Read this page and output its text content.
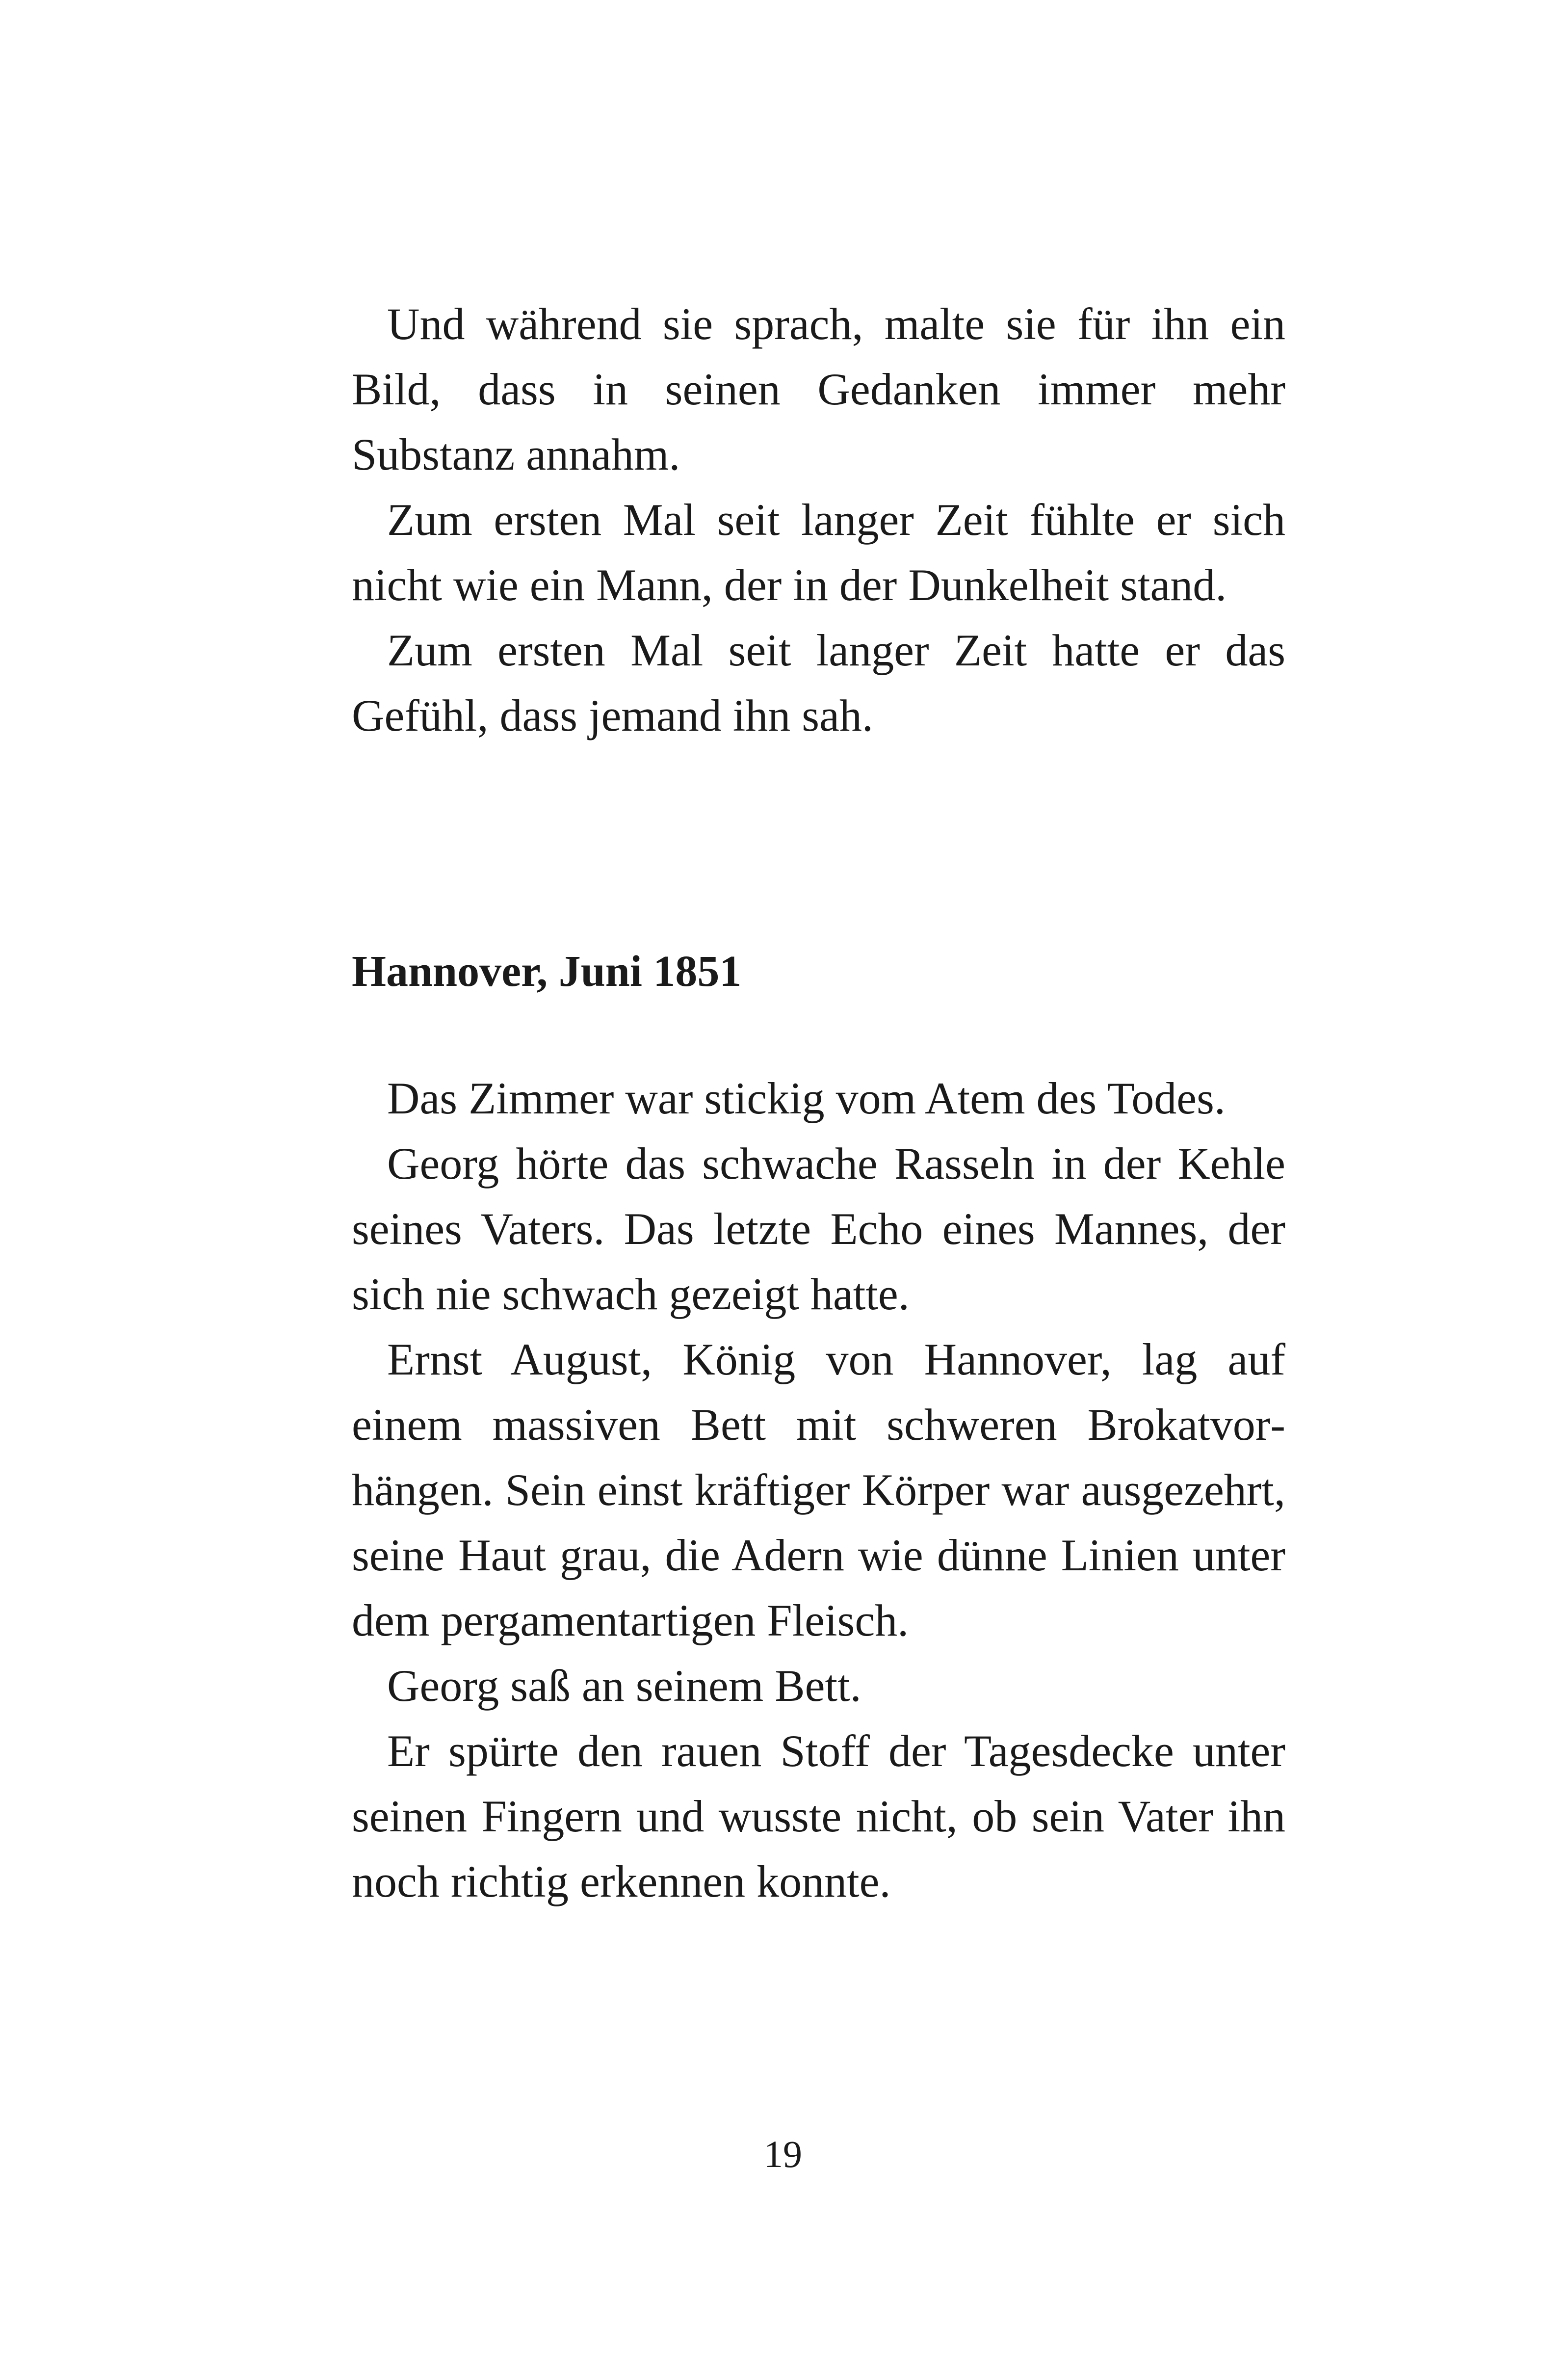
Und während sie sprach, malte sie für ihn ein Bild, dass in seinen Gedanken immer mehr Substanz annahm.

Zum ersten Mal seit langer Zeit fühlte er sich nicht wie ein Mann, der in der Dunkelheit stand.

Zum ersten Mal seit langer Zeit hatte er das Gefühl, dass jemand ihn sah.

Hannover, Juni 1851

Das Zimmer war stickig vom Atem des Todes.

Georg hörte das schwache Rasseln in der Kehle seines Vaters. Das letzte Echo eines Mannes, der sich nie schwach gezeigt hatte.

Ernst August, König von Hannover, lag auf einem massiven Bett mit schweren Brokatvorhängen. Sein einst kräftiger Körper war ausgezehrt, seine Haut grau, die Adern wie dünne Linien unter dem pergamentartigen Fleisch.

Georg saß an seinem Bett.

Er spürte den rauen Stoff der Tagesdecke unter seinen Fingern und wusste nicht, ob sein Vater ihn noch richtig erkennen konnte.

19
